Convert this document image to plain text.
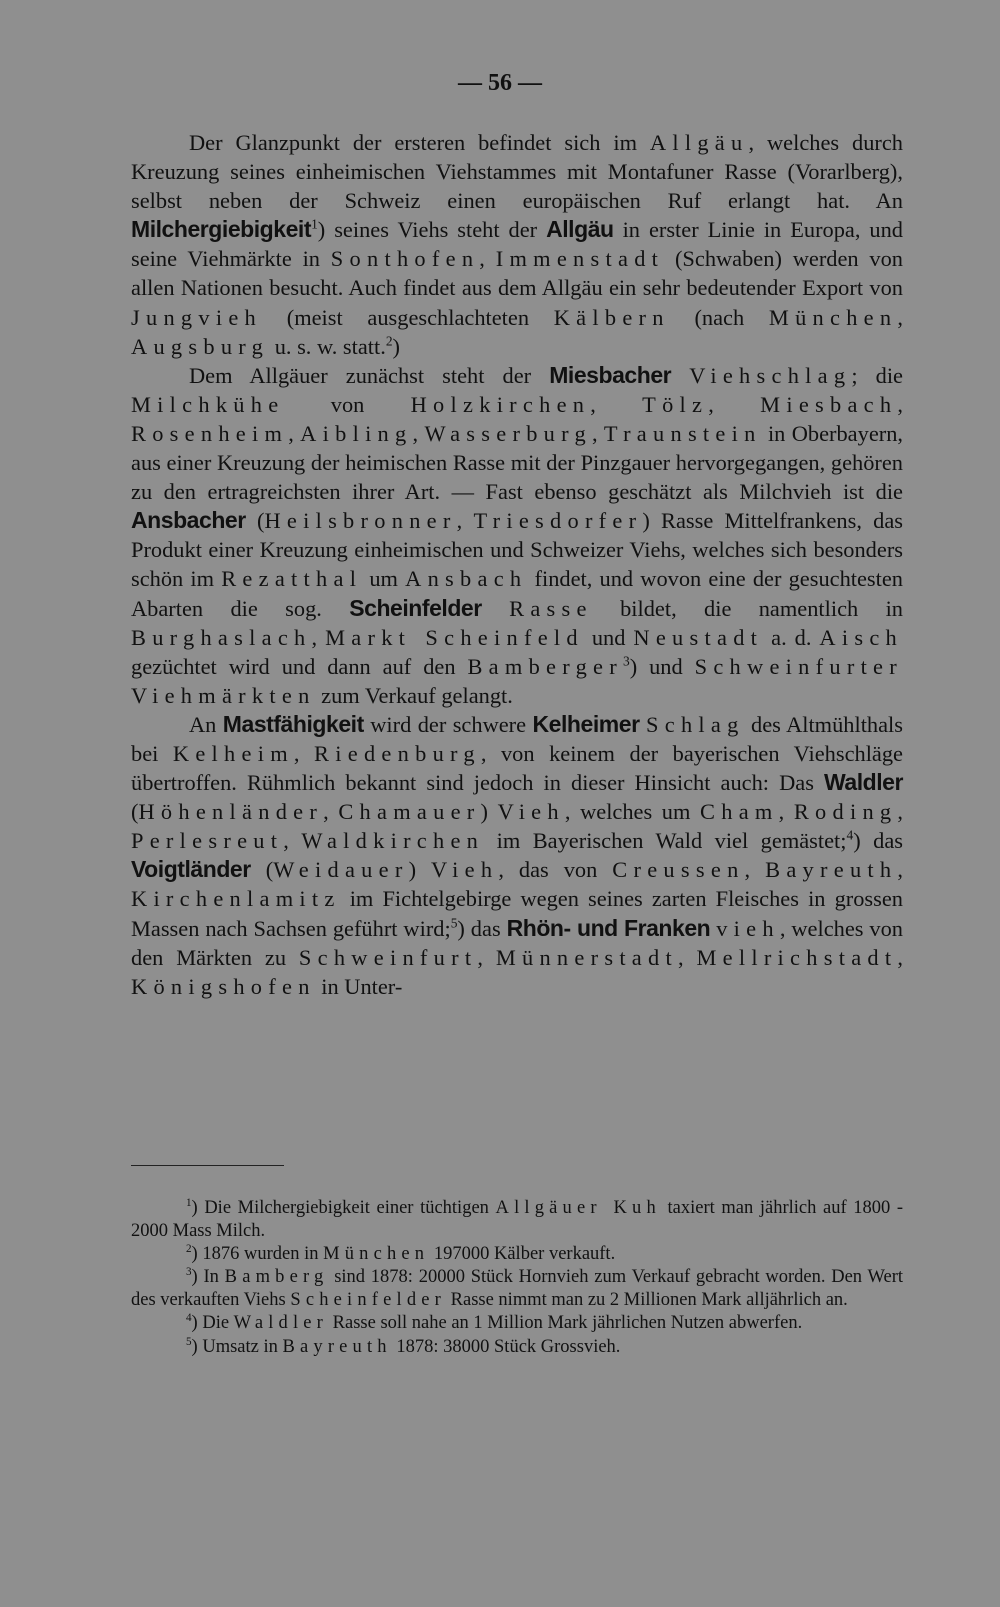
— 56 —

Der Glanzpunkt der ersteren befindet sich im Allgäu, welches durch Kreuzung seines einheimischen Viehstammes mit Montafuner Rasse (Vorarlberg), selbst neben der Schweiz einen europäischen Ruf erlangt hat. An Milchergiebigkeit$^1$) seines Viehs steht der Allgäu in erster Linie in Europa, und seine Viehmärkte in Sonthofen, Immenstadt (Schwaben) werden von allen Nationen besucht. Auch findet aus dem Allgäu ein sehr bedeutender Export von Jungvieh (meist ausgeschlachteten Kälbern (nach München, Augsburg u. s. w. statt.$^2$)

Dem Allgäuer zunächst steht der Miesbacher Viehschlag; die Milchkühe von Holzkirchen, Tölz, Miesbach, Rosenheim, Aibling, Wasserburg, Traunstein in Oberbayern, aus einer Kreuzung der heimischen Rasse mit der Pinzgauer hervorgegangen, gehören zu den ertragreichsten ihrer Art. — Fast ebenso geschätzt als Milchvieh ist die Ansbacher (Heilsbronner, Triesdorfer) Rasse Mittelfrankens, das Produkt einer Kreuzung einheimischen und Schweizer Viehs, welches sich besonders schön im Rezatthal um Ansbach findet, und wovon eine der gesuchtesten Abarten die sog. Scheinfelder Rasse bildet, die namentlich in Burghaslach, Markt Scheinfeld und Neustadt a. d. Aisch gezüchtet wird und dann auf den Bamberger$^3$) und Schweinfurter Viehmärkten zum Verkauf gelangt.

An Mastfähigkeit wird der schwere Kelheimer Schlag des Altmühlthals bei Kelheim, Riedenburg, von keinem der bayerischen Viehschläge übertroffen. Rühmlich bekannt sind jedoch in dieser Hinsicht auch: Das Waldler (Höhenländer, Chamauer) Vieh, welches um Cham, Roding, Perlesreut, Waldkirchen im Bayerischen Wald viel gemästet;$^4$) das Voigtländer (Weidauer) Vieh, das von Creussen, Bayreuth, Kirchenlamitz im Fichtelgebirge wegen seines zarten Fleisches in grossen Massen nach Sachsen geführt wird;$^5$) das Rhön- und Franken vieh, welches von den Märkten zu Schweinfurt, Münnerstadt, Mellrichstadt, Königshofen in Unter-

$^1$) Die Milchergiebigkeit einer tüchtigen Allgäuer Kuh taxiert man jährlich auf 1800 - 2000 Mass Milch.

$^2$) 1876 wurden in München 197000 Kälber verkauft.

$^3$) In Bamberg sind 1878: 20000 Stück Hornvieh zum Verkauf gebracht worden. Den Wert des verkauften Viehs Scheinfelder Rasse nimmt man zu 2 Millionen Mark alljährlich an.

$^4$) Die Waldler Rasse soll nahe an 1 Million Mark jährlichen Nutzen abwerfen.

$^5$) Umsatz in Bayreuth 1878: 38000 Stück Grossvieh.
